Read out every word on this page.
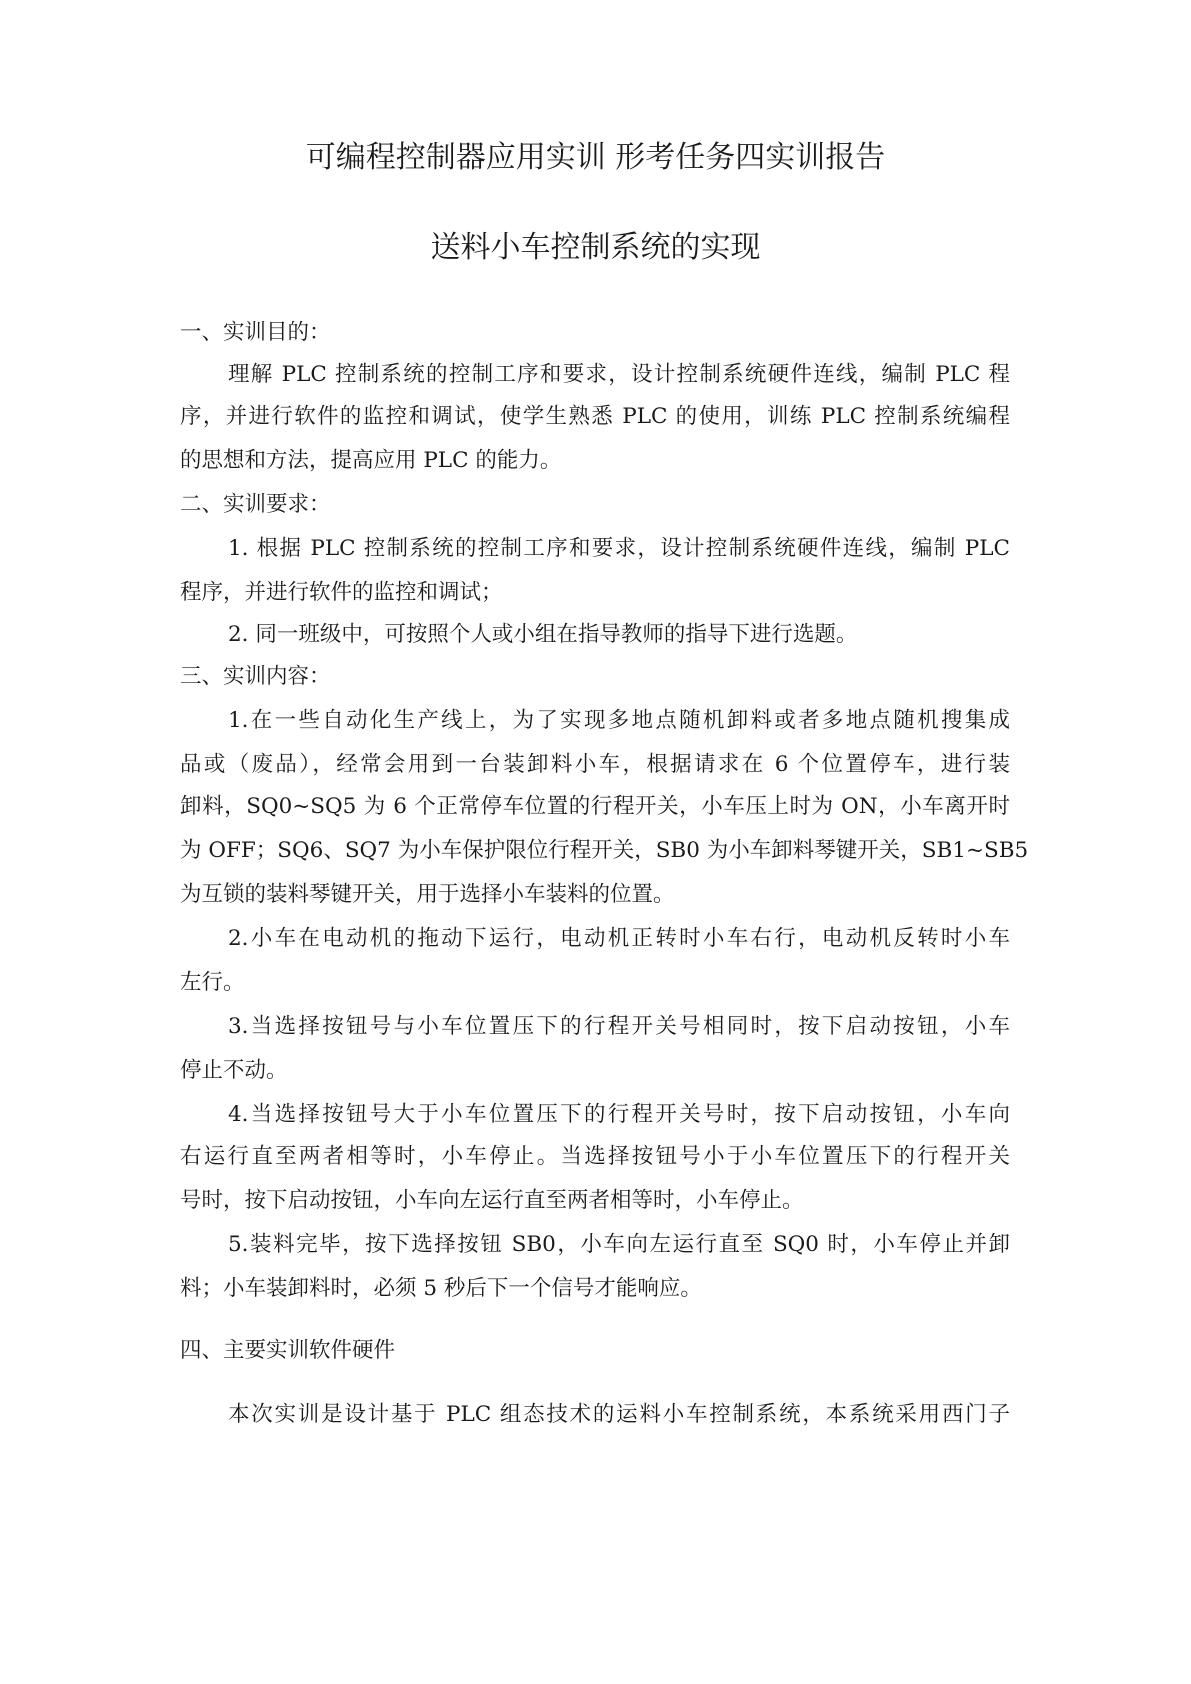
可编程控制器应用实训 形考任务四实训报告
送料小车控制系统的实现
一、实训目的：
理解 PLC 控制系统的控制工序和要求，设计控制系统硬件连线，编制 PLC 程
序，并进行软件的监控和调试，使学生熟悉 PLC 的使用，训练 PLC 控制系统编程
的思想和方法，提高应用 PLC 的能力。
二、实训要求：
1. 根据 PLC 控制系统的控制工序和要求，设计控制系统硬件连线，编制 PLC
程序，并进行软件的监控和调试；
2. 同一班级中，可按照个人或小组在指导教师的指导下进行选题。
三、实训内容：
1.在一些自动化生产线上，为了实现多地点随机卸料或者多地点随机搜集成
品或（废品），经常会用到一台装卸料小车，根据请求在 6 个位置停车，进行装
卸料，SQ0~SQ5 为 6 个正常停车位置的行程开关，小车压上时为 ON，小车离开时
为 OFF；SQ6、SQ7 为小车保护限位行程开关，SB0 为小车卸料琴键开关，SB1~SB5
为互锁的装料琴键开关，用于选择小车装料的位置。
2.小车在电动机的拖动下运行，电动机正转时小车右行，电动机反转时小车
左行。
3.当选择按钮号与小车位置压下的行程开关号相同时，按下启动按钮，小车
停止不动。
4.当选择按钮号大于小车位置压下的行程开关号时，按下启动按钮，小车向
右运行直至两者相等时，小车停止。当选择按钮号小于小车位置压下的行程开关
号时，按下启动按钮，小车向左运行直至两者相等时，小车停止。
5.装料完毕，按下选择按钮 SB0，小车向左运行直至 SQ0 时，小车停止并卸
料；小车装卸料时，必须 5 秒后下一个信号才能响应。
四、主要实训软件硬件
本次实训是设计基于 PLC 组态技术的运料小车控制系统，本系统采用西门子
